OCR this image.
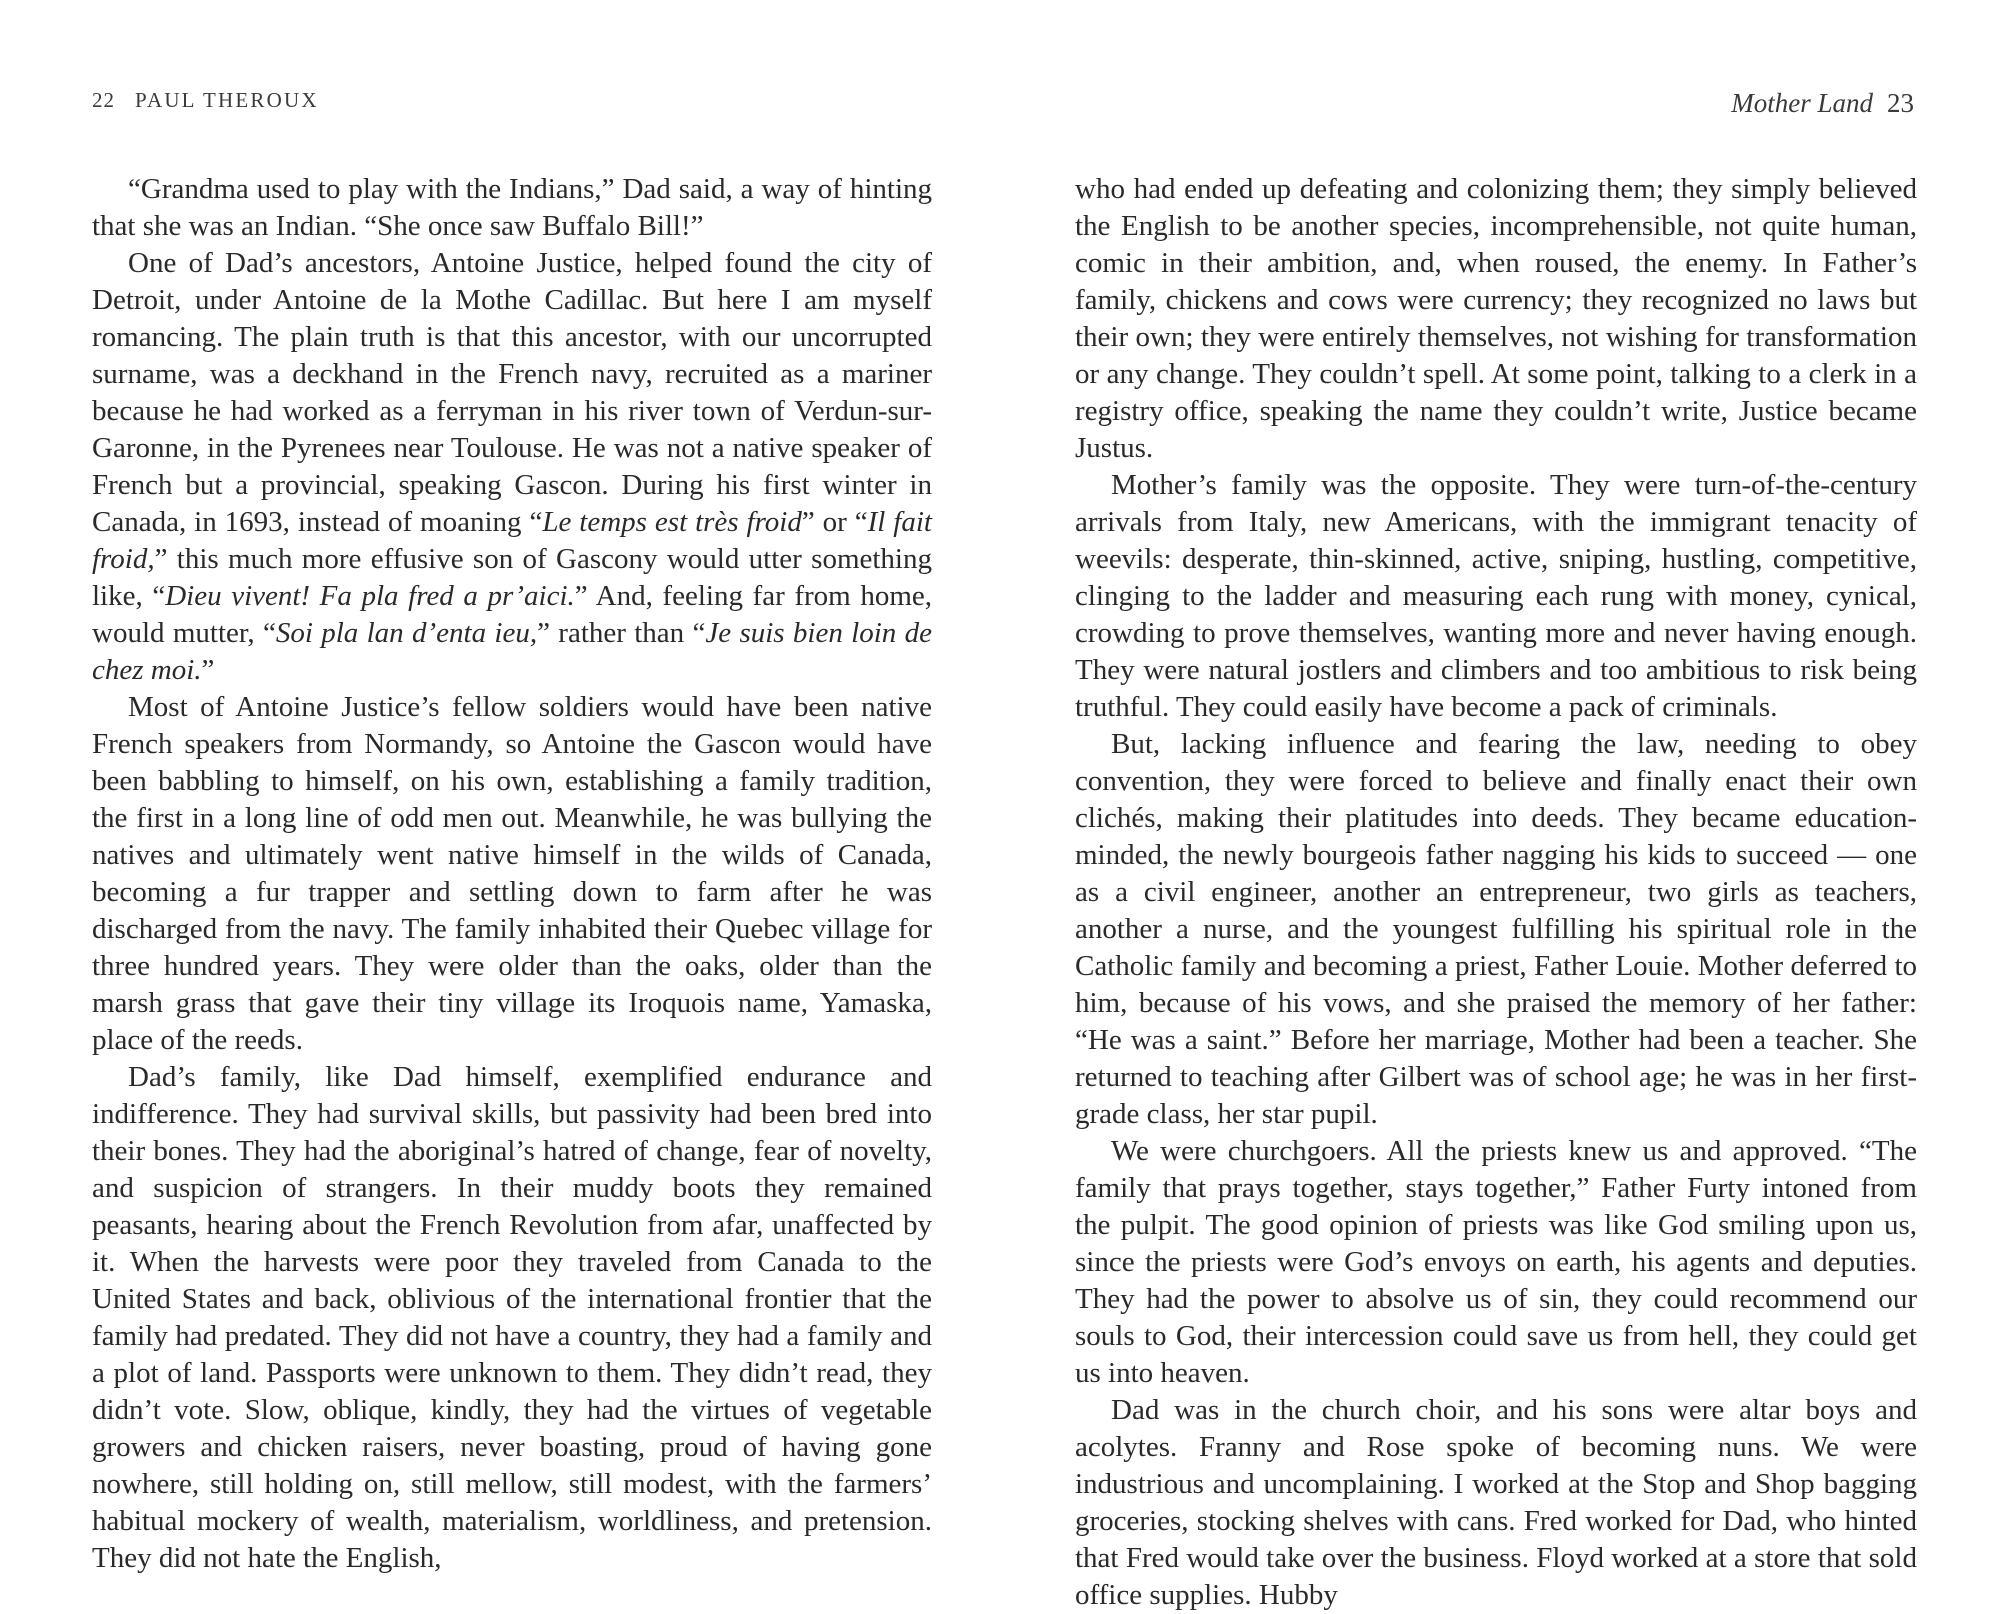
22 PAUL THEROUX

“Grandma used to play with the Indians,” Dad said, a way of hinting that she was an Indian. “She once saw Buffalo Bill!”

One of Dad’s ancestors, Antoine Justice, helped found the city of Detroit, under Antoine de la Mothe Cadillac. But here I am myself romancing. The plain truth is that this ancestor, with our uncorrupted surname, was a deckhand in the French navy, recruited as a mariner because he had worked as a ferryman in his river town of Verdun-sur-Garonne, in the Pyrenees near Toulouse. He was not a native speaker of French but a provincial, speaking Gascon. During his first winter in Canada, in 1693, instead of moaning “Le temps est très froid” or “Il fait froid,” this much more effusive son of Gascony would utter something like, “Dieu vivent! Fa pla fred a pr’aici.” And, feeling far from home, would mutter, “Soi pla lan d’enta ieu,” rather than “Je suis bien loin de chez moi.”

Most of Antoine Justice’s fellow soldiers would have been native French speakers from Normandy, so Antoine the Gascon would have been babbling to himself, on his own, establishing a family tradition, the first in a long line of odd men out. Meanwhile, he was bullying the natives and ultimately went native himself in the wilds of Canada, becoming a fur trapper and settling down to farm after he was discharged from the navy. The family inhabited their Quebec village for three hundred years. They were older than the oaks, older than the marsh grass that gave their tiny village its Iroquois name, Yamaska, place of the reeds.

Dad’s family, like Dad himself, exemplified endurance and indifference. They had survival skills, but passivity had been bred into their bones. They had the aboriginal’s hatred of change, fear of novelty, and suspicion of strangers. In their muddy boots they remained peasants, hearing about the French Revolution from afar, unaffected by it. When the harvests were poor they traveled from Canada to the United States and back, oblivious of the international frontier that the family had predated. They did not have a country, they had a family and a plot of land. Passports were unknown to them. They didn’t read, they didn’t vote. Slow, oblique, kindly, they had the virtues of vegetable growers and chicken raisers, never boasting, proud of having gone nowhere, still holding on, still mellow, still modest, with the farmers’ habitual mockery of wealth, materialism, worldliness, and pretension. They did not hate the English,

Mother Land 23

who had ended up defeating and colonizing them; they simply believed the English to be another species, incomprehensible, not quite human, comic in their ambition, and, when roused, the enemy. In Father’s family, chickens and cows were currency; they recognized no laws but their own; they were entirely themselves, not wishing for transformation or any change. They couldn’t spell. At some point, talking to a clerk in a registry office, speaking the name they couldn’t write, Justice became Justus.

Mother’s family was the opposite. They were turn-of-the-century arrivals from Italy, new Americans, with the immigrant tenacity of weevils: desperate, thin-skinned, active, sniping, hustling, competitive, clinging to the ladder and measuring each rung with money, cynical, crowding to prove themselves, wanting more and never having enough. They were natural jostlers and climbers and too ambitious to risk being truthful. They could easily have become a pack of criminals.

But, lacking influence and fearing the law, needing to obey convention, they were forced to believe and finally enact their own clichés, making their platitudes into deeds. They became education-minded, the newly bourgeois father nagging his kids to succeed — one as a civil engineer, another an entrepreneur, two girls as teachers, another a nurse, and the youngest fulfilling his spiritual role in the Catholic family and becoming a priest, Father Louie. Mother deferred to him, because of his vows, and she praised the memory of her father: “He was a saint.” Before her marriage, Mother had been a teacher. She returned to teaching after Gilbert was of school age; he was in her first-grade class, her star pupil.

We were churchgoers. All the priests knew us and approved. “The family that prays together, stays together,” Father Furty intoned from the pulpit. The good opinion of priests was like God smiling upon us, since the priests were God’s envoys on earth, his agents and deputies. They had the power to absolve us of sin, they could recommend our souls to God, their intercession could save us from hell, they could get us into heaven.

Dad was in the church choir, and his sons were altar boys and acolytes. Franny and Rose spoke of becoming nuns. We were industrious and uncomplaining. I worked at the Stop and Shop bagging groceries, stocking shelves with cans. Fred worked for Dad, who hinted that Fred would take over the business. Floyd worked at a store that sold office supplies. Hubby
